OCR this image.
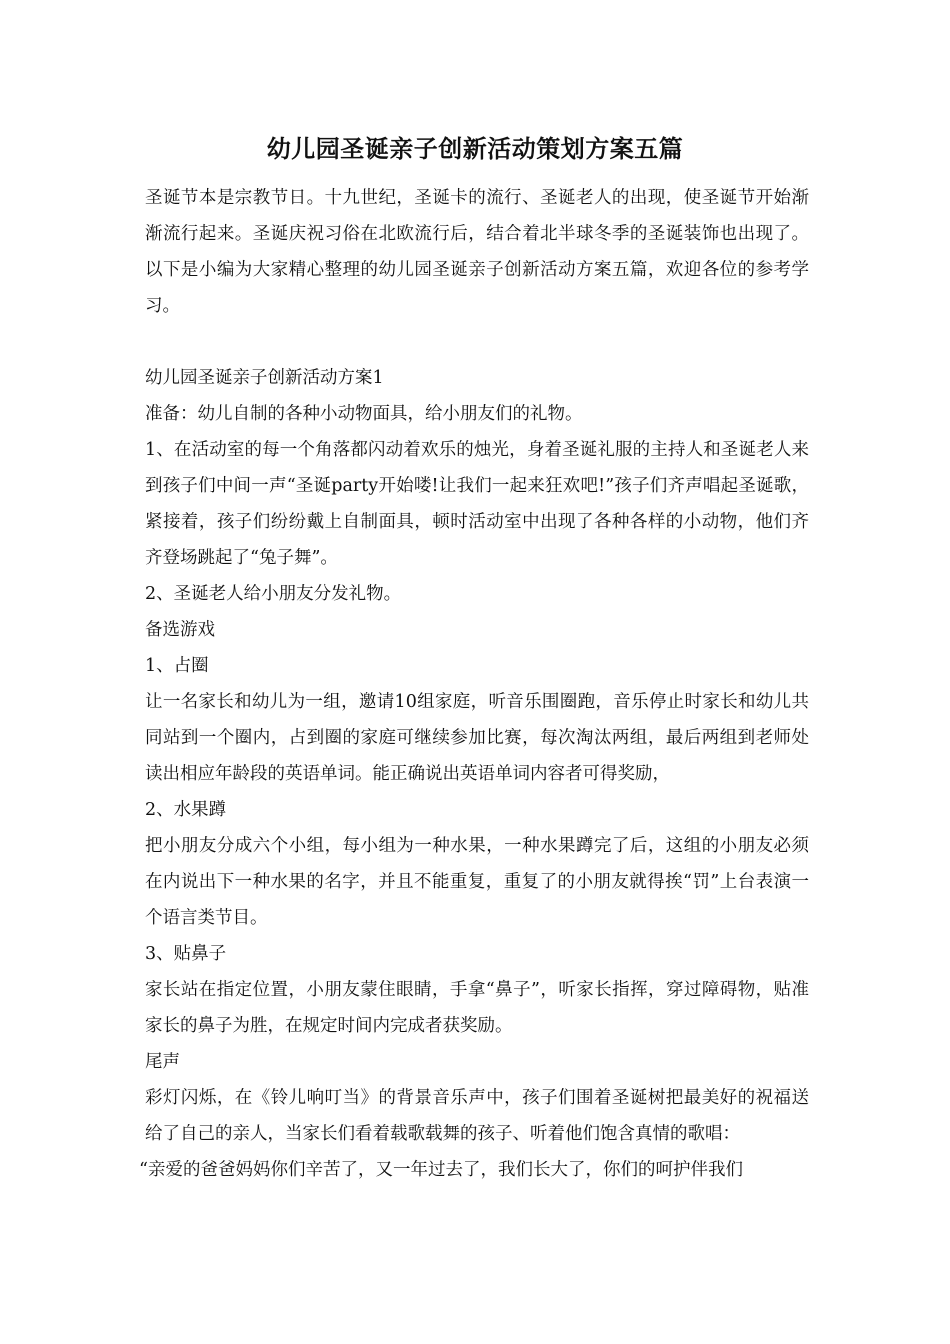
幼儿园圣诞亲子创新活动策划方案五篇

圣诞节本是宗教节日。十九世纪，圣诞卡的流行、圣诞老人的出现，使圣诞节开始渐渐流行起来。圣诞庆祝习俗在北欧流行后，结合着北半球冬季的圣诞装饰也出现了。以下是小编为大家精心整理的幼儿园圣诞亲子创新活动方案五篇，欢迎各位的参考学习。

幼儿园圣诞亲子创新活动方案1

准备：幼儿自制的各种小动物面具，给小朋友们的礼物。

1、在活动室的每一个角落都闪动着欢乐的烛光，身着圣诞礼服的主持人和圣诞老人来到孩子们中间一声“圣诞party开始喽!让我们一起来狂欢吧!”孩子们齐声唱起圣诞歌，紧接着，孩子们纷纷戴上自制面具，顿时活动室中出现了各种各样的小动物，他们齐齐登场跳起了“兔子舞”。

2、圣诞老人给小朋友分发礼物。

备选游戏

1、占圈

让一名家长和幼儿为一组，邀请10组家庭，听音乐围圈跑，音乐停止时家长和幼儿共同站到一个圈内，占到圈的家庭可继续参加比赛，每次淘汰两组，最后两组到老师处读出相应年龄段的英语单词。能正确说出英语单词内容者可得奖励，

2、水果蹲

把小朋友分成六个小组，每小组为一种水果，一种水果蹲完了后，这组的小朋友必须在内说出下一种水果的名字，并且不能重复，重复了的小朋友就得挨“罚”上台表演一个语言类节目。

3、贴鼻子

家长站在指定位置，小朋友蒙住眼睛，手拿“鼻子”，听家长指挥，穿过障碍物，贴准家长的鼻子为胜，在规定时间内完成者获奖励。

尾声

彩灯闪烁，在《铃儿响叮当》的背景音乐声中，孩子们围着圣诞树把最美好的祝福送给了自己的亲人，当家长们看着载歌载舞的孩子、听着他们饱含真情的歌唱：

“亲爱的爸爸妈妈你们辛苦了，又一年过去了，我们长大了，你们的呵护伴我们
